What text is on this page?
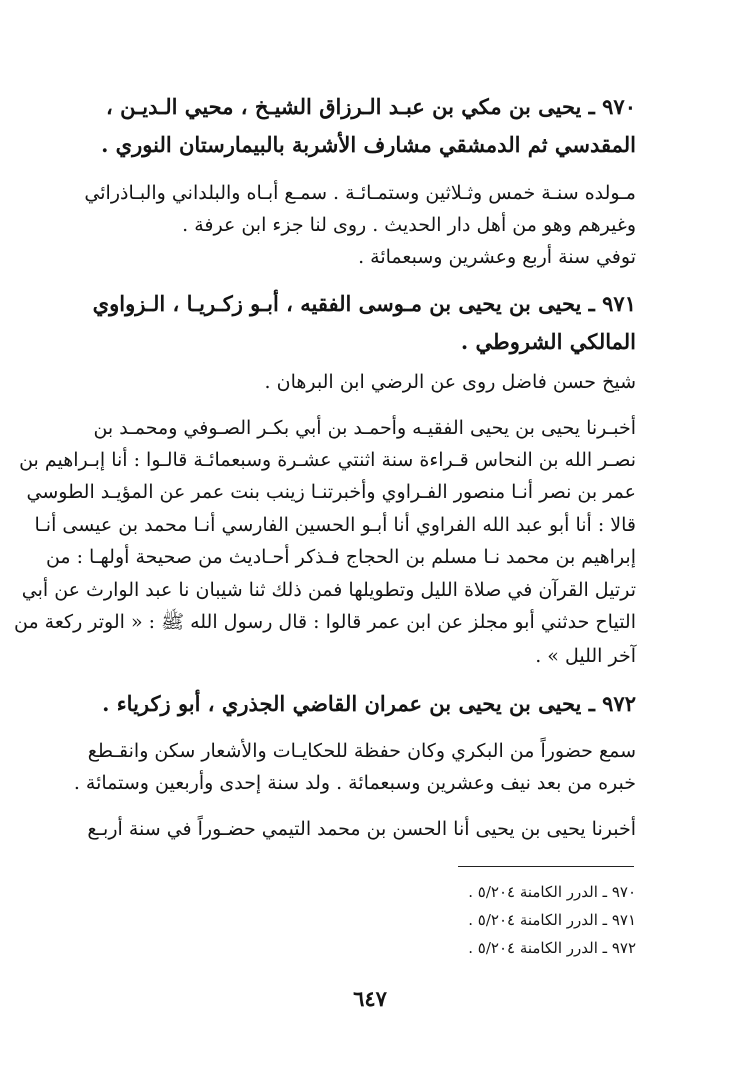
٩٧٠ ـ يحيى بن مكي بن عبـد الـرزاق الشيـخ ، محيي الـديـن ،
المقدسي ثم الدمشقي مشارف الأشربة بالبيمارستان النوري .
مـولده سنـة خمس وثـلاثين وستمـائـة . سمـع أبـاه والبلداني والبـاذرائي
وغيرهم وهو من أهل دار الحديث . روى لنا جزء ابن عرفة .
توفي سنة أربع وعشرين وسبعمائة .
٩٧١ ـ يحيى بن يحيى بن مـوسى الفقيه ، أبـو زكـريـا ، الـزواوي
المالكي الشروطي .
شيخ حسن فاضل روى عن الرضي ابن البرهان .
أخبـرنا يحيى بن يحيى الفقيـه وأحمـد بن أبي بكـر الصـوفي ومحمـد بن
نصـر الله بن النحاس قـراءة سنة اثنتي عشـرة وسبعمائـة قالـوا : أنا إبـراهيم بن
عمر بن نصر أنـا منصور الفـراوي وأخبرتنـا زينب بنت عمر عن المؤيـد الطوسي
قالا : أنا أبو عبد الله الفراوي أنا أبـو الحسين الفارسي أنـا محمد بن عيسى أنـا
إبراهيم بن محمد نـا مسلم بن الحجاج فـذكر أحـاديث من صحيحة أولهـا : من
ترتيل القرآن في صلاة الليل وتطويلها فمن ذلك ثنا شيبان نا عبد الوارث عن أبي
التياح حدثني أبو مجلز عن ابن عمر قالوا : قال رسول الله ﷺ : « الوتر ركعة من
آخر الليل » .
٩٧٢ ـ يحيى بن يحيى بن عمران القاضي الجذري ، أبو زكرياء .
سمع حضوراً من البكري وكان حفظة للحكايـات والأشعار سكن وانقـطع
خبره من بعد نيف وعشرين وسبعمائة . ولد سنة إحدى وأربعين وستمائة .
أخبرنا يحيى بن يحيى أنا الحسن بن محمد التيمي حضـوراً في سنة أربـع
٩٧٠ ـ الدرر الكامنة ٥/٢٠٤ .
٩٧١ ـ الدرر الكامنة ٥/٢٠٤ .
٩٧٢ ـ الدرر الكامنة ٥/٢٠٤ .
٦٤٧
